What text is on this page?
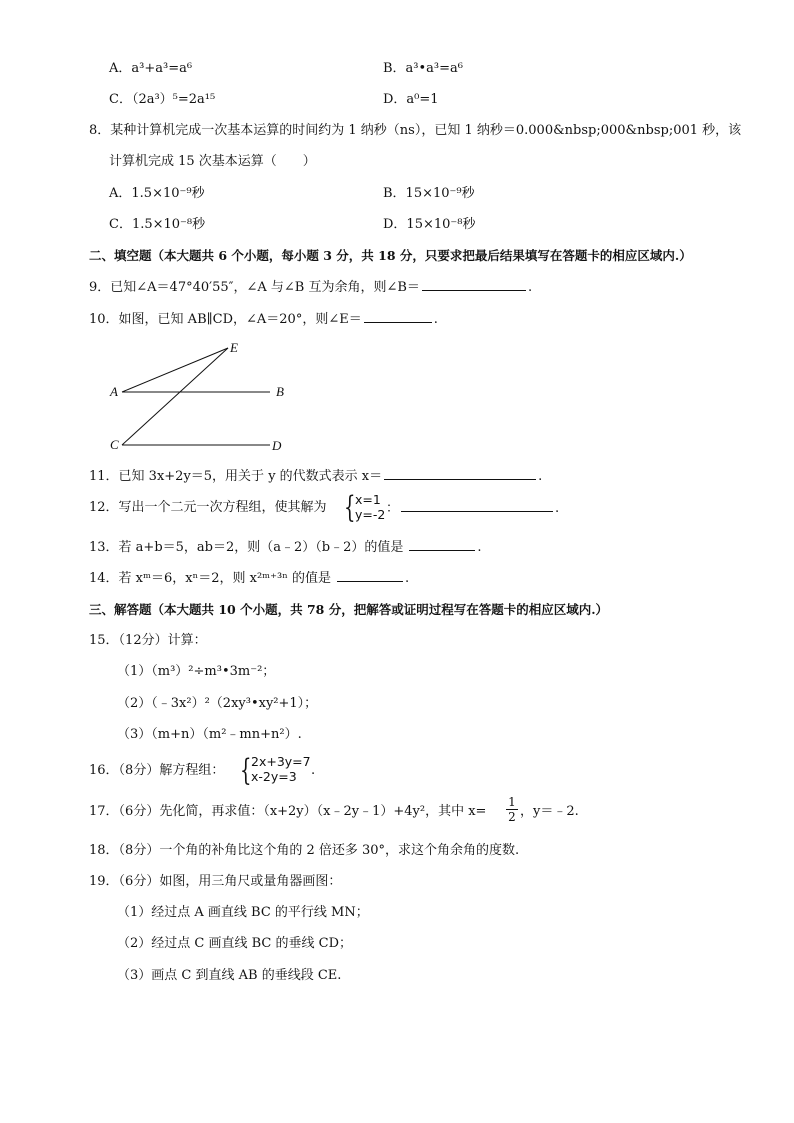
A．a³+a³=a⁶	B．a³•a³=a⁶
C．（2a³）⁵=2a¹⁵	D．a⁰=1
8．某种计算机完成一次基本运算的时间约为 1 纳秒（ns），已知 1 纳秒＝0.000&nbsp;000&nbsp;001 秒，该
计算机完成 15 次基本运算（　　）
A．1.5×10⁻⁹秒	B．15×10⁻⁹秒
C．1.5×10⁻⁸秒	D．15×10⁻⁸秒
二、填空题（本大题共 6 个小题，每小题 3 分，共 18 分，只要求把最后结果填写在答题卡的相应区域内.）
9．已知∠A＝47°40′55″，∠A 与∠B 互为余角，则∠B＝	.
10．如图，已知 AB∥CD，∠A＝20°，则∠E＝	.
E
A	B
C	D
11．已知 3x+2y＝5，用关于 y 的代数式表示 x＝	.
12．写出一个二元一次方程组，使其解为 { x=1
y=-2 ：	.
13．若 a+b＝5，ab＝2，则（a﹣2）（b﹣2）的值是	.
14．若 xᵐ＝6，xⁿ＝2，则 x²ᵐ⁺³ⁿ 的值是	.
三、解答题（本大题共 10 个小题，共 78 分，把解答或证明过程写在答题卡的相应区域内.）
15．（12分）计算：
（1）（m³）²÷m³•3m⁻²；
（2）（﹣3x²）²（2xy³•xy²+1）；
（3）（m+n）（m²﹣mn+n²）.
16．（8分）解方程组： { 2x+3y=7
x-2y=3	.
17．（6分）先化简，再求值：（x+2y）（x﹣2y﹣1）+4y²，其中 $x= \frac{1}{2}$ ，y＝﹣2.
18．（8分）一个角的补角比这个角的 2 倍还多 30°，求这个角余角的度数.
19．（6分）如图，用三角尺或量角器画图：
（1）经过点 A 画直线 BC 的平行线 MN；
（2）经过点 C 画直线 BC 的垂线 CD；
（3）画点 C 到直线 AB 的垂线段 CE.
